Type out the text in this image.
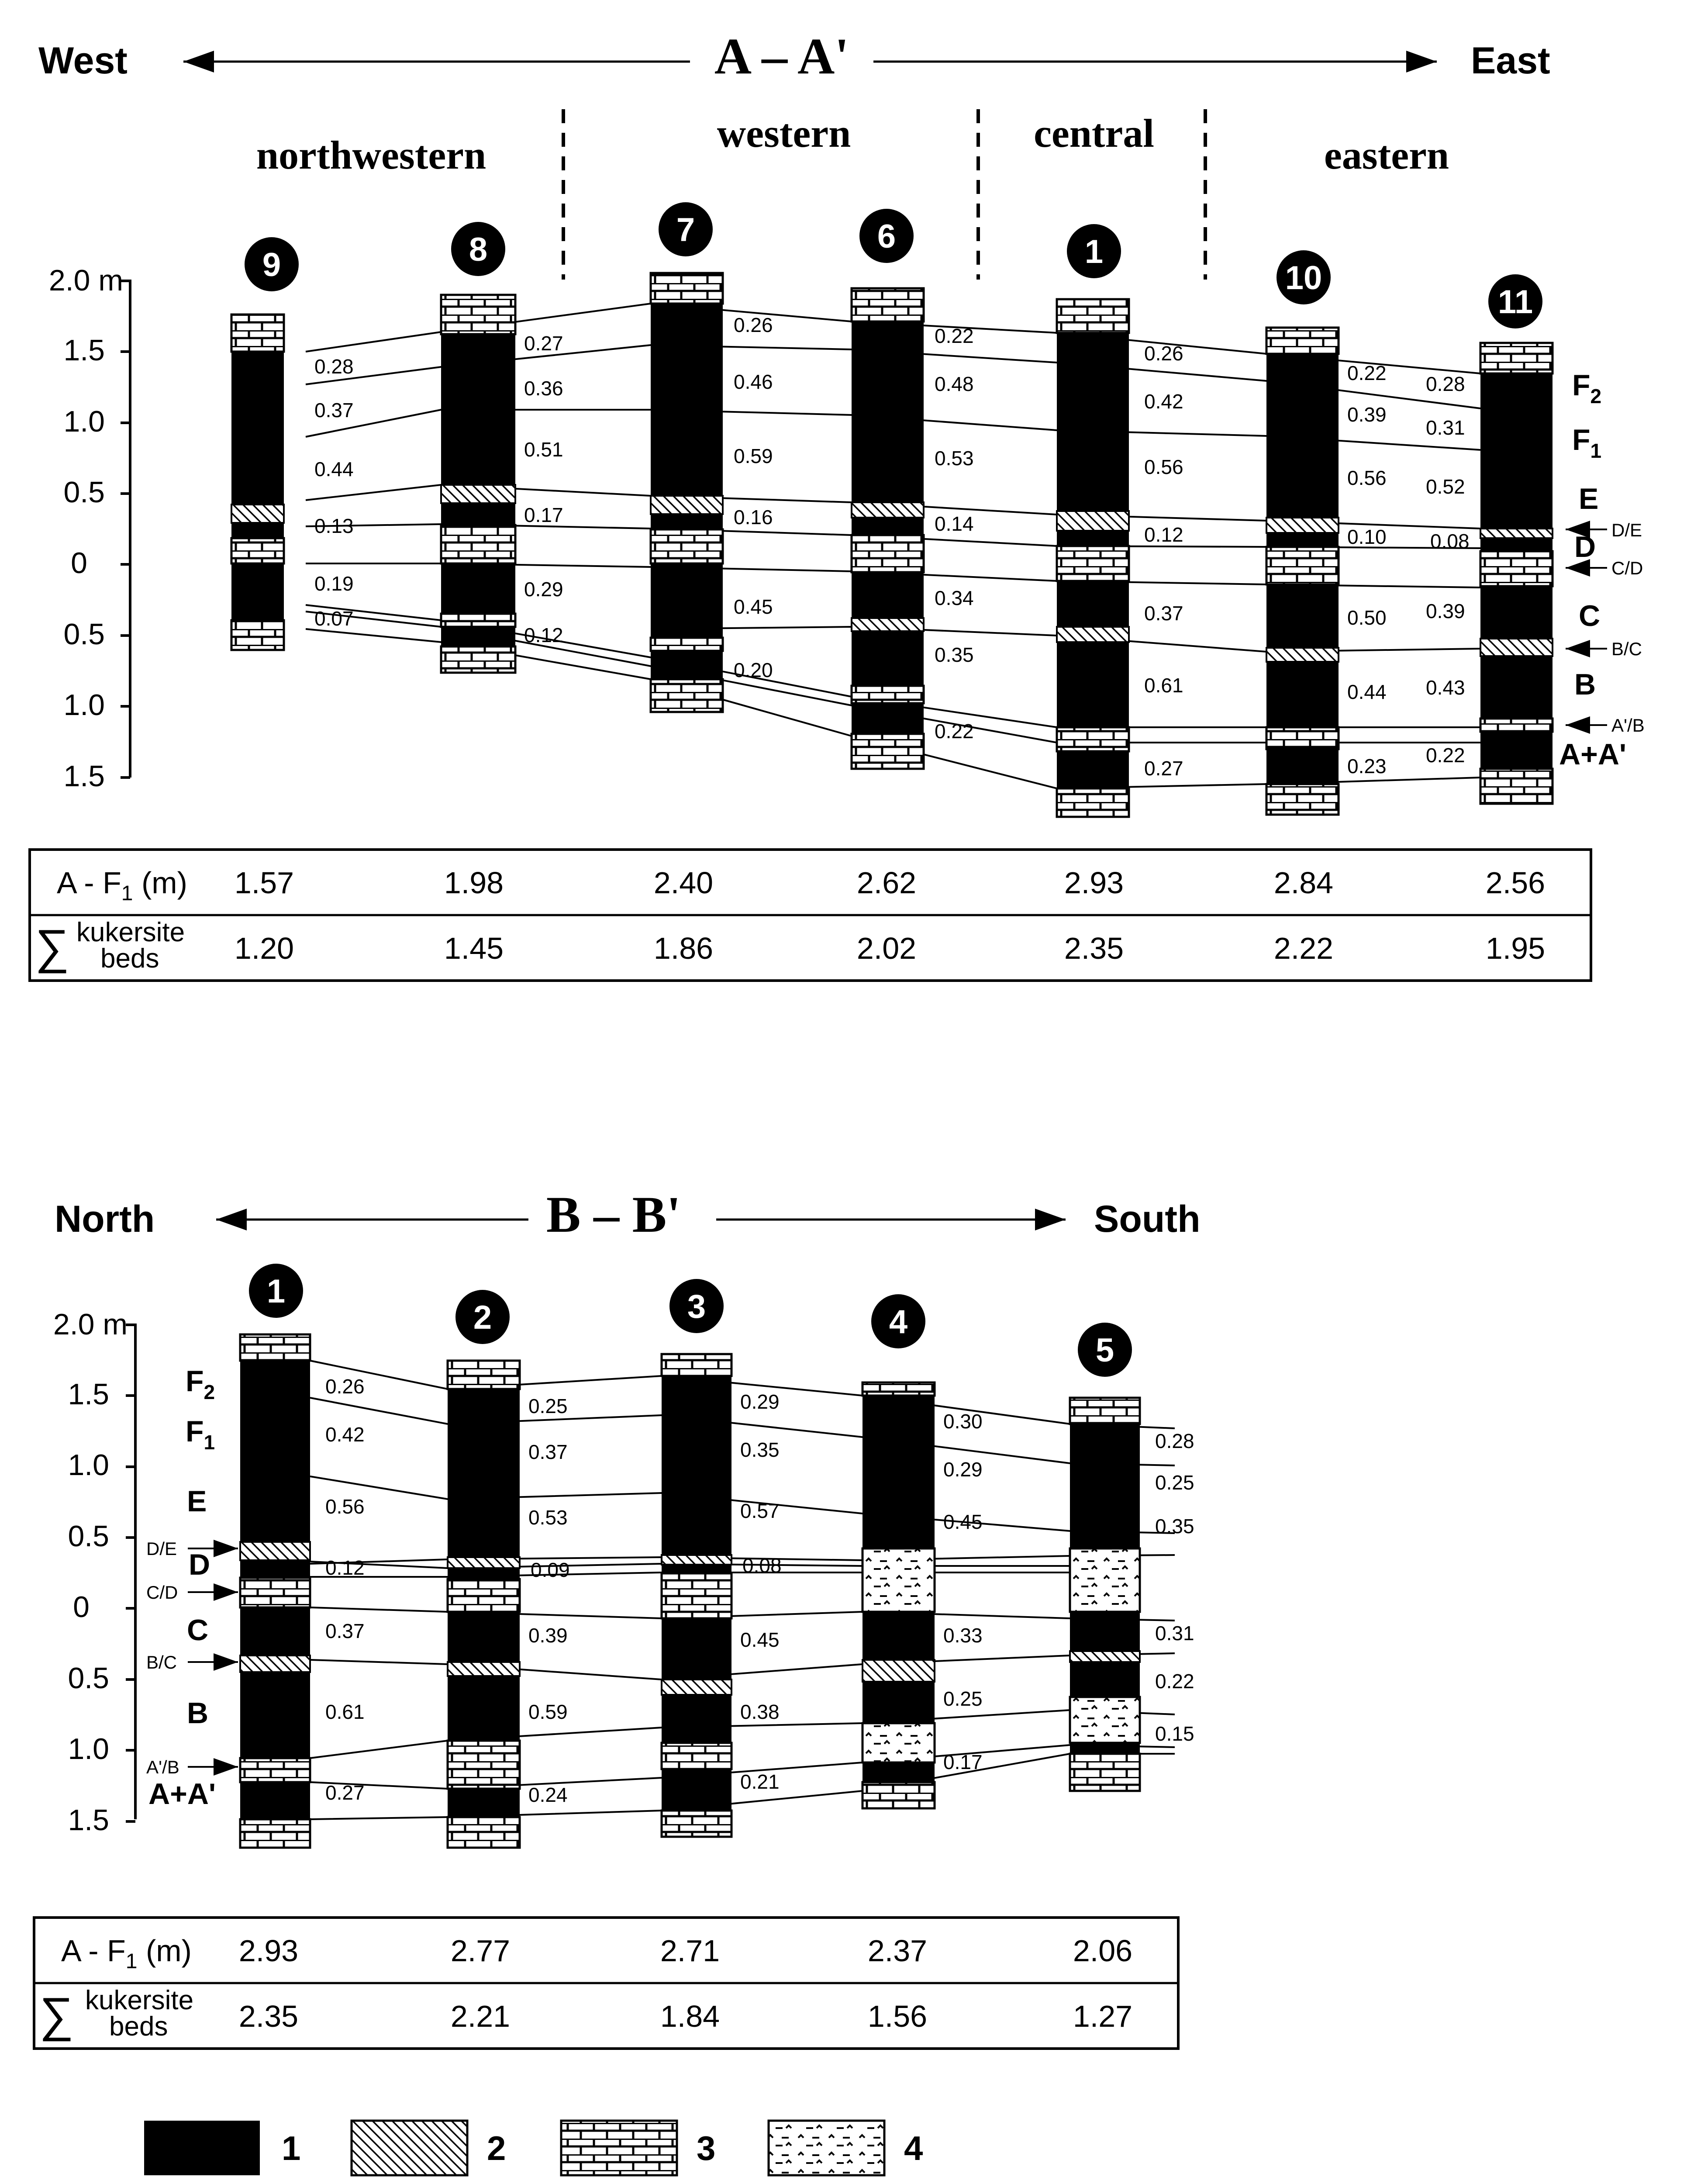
West	A – A'	East
northwestern	western	central	eastern
2.0 m
1.5
1.0
0.5
0
0.5
1.0
1.5
9	8
7	6	1
10
11
0.28
0.37
0.44
0.13
0.19
0.07
0.27
0.36
0.51
0.17
0.29
0.12
0.26
0.46
0.59
0.16
0.45
0.20
0.22
0.48
0.53
0.14
0.34
0.35
0.22
0.26
0.42
0.56
0.12
0.37
0.61
0.27
0.22
0.39
0.56
0.10
0.50
0.44
0.23
0.28
0.31
0.52
0.08
0.39
0.43
0.22
$F_2$
$F_1$
E
D
C
B
A+A'
D/E
C/D
B/C
A'/B
A - $F_1$ (m)
∑ kukersite
beds
1.57	1.98	2.40	2.62	2.93	2.84	2.56
1.20	1.45	1.86	2.02	2.35	2.22	1.95
North	B – B'	South
2.0 m
1.5
1.0
0.5
0
0.5
1.0
1.5
1
2	3	4
5
0.26
0.42
0.56
0.12
0.37
0.61
0.27
0.25
0.37
0.53
0.09
0.39
0.59
0.24
0.29
0.35
0.57
0.08
0.45
0.38
0.21
0.30
0.29
0.45
0.33
0.25
0.17
0.28
0.25
0.35
0.31
0.22
0.15
$F_2$
$F_1$
E
D
C
B
A+A'
D/E
C/D
B/C
A'/B
A - $F_1$ (m)
∑ kukersite
beds
2.93	2.77	2.71	2.37	2.06
2.35	2.21	1.84	1.56	1.27
1	2	3	4
